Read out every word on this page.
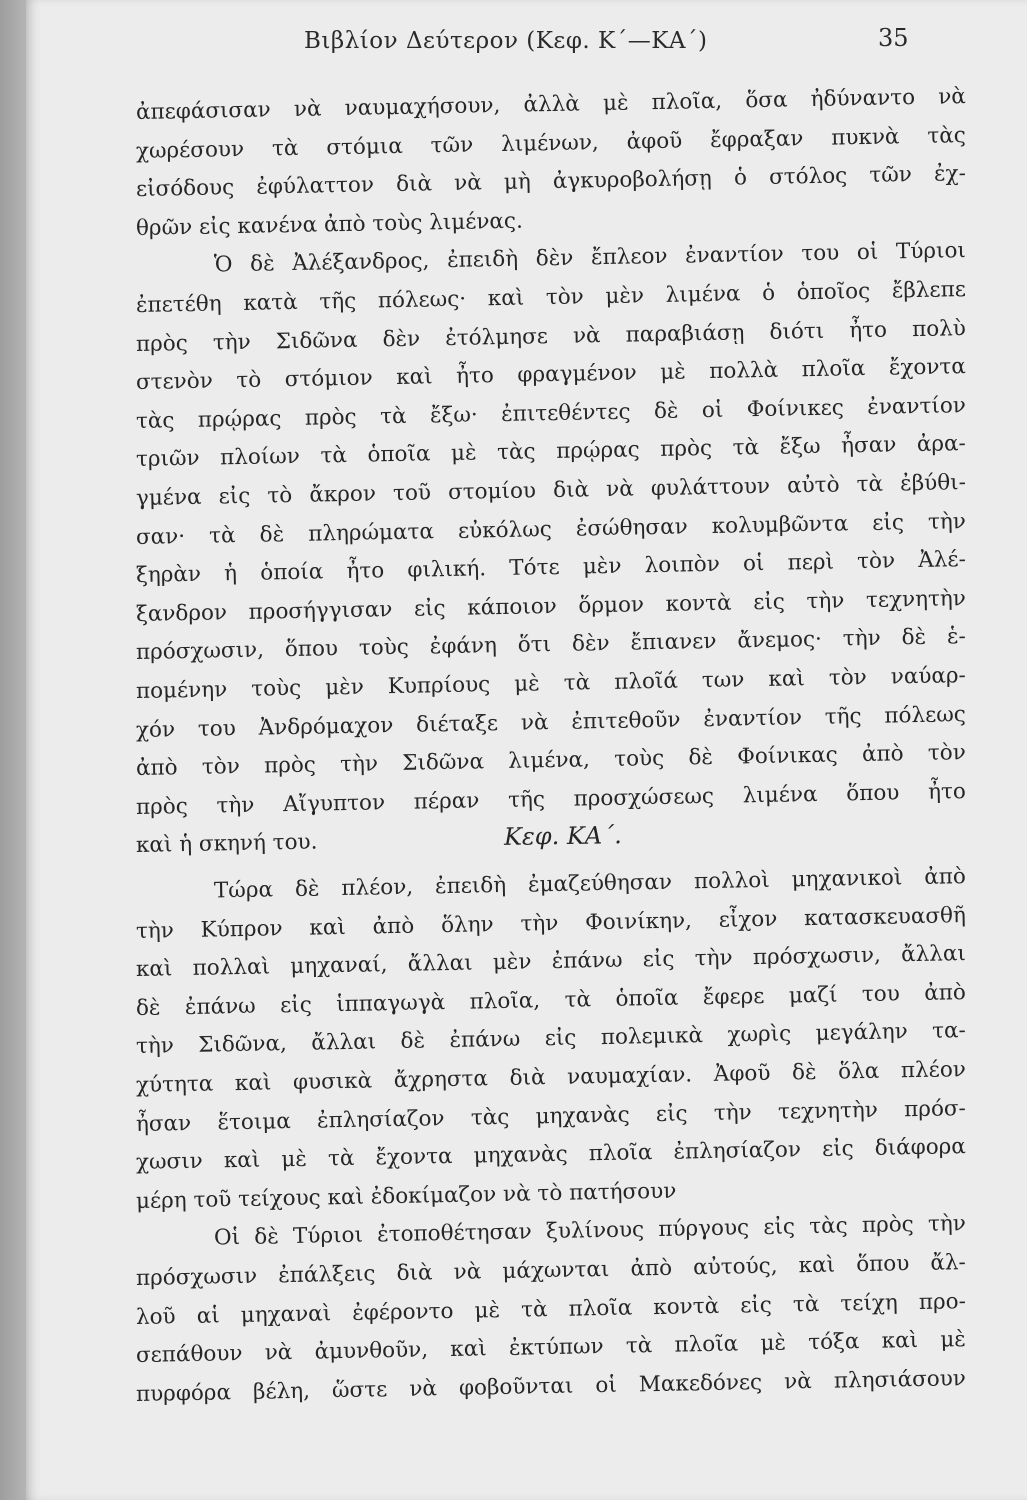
Βιβλίον Δεύτερον (Κεφ. Κ΄—ΚΑ΄)	35
ἀπεφάσισαν νὰ ναυμαχήσουν, ἀλλὰ μὲ πλοῖα, ὅσα ἠδύναντο νὰ
χωρέσουν τὰ στόμια τῶν λιμένων, ἀφοῦ ἔφραξαν πυκνὰ τὰς
εἰσόδους ἐφύλαττον διὰ νὰ μὴ ἀγκυροβολήσῃ ὁ στόλος τῶν ἐχ-
θρῶν εἰς κανένα ἀπὸ τοὺς λιμένας.
Ὁ δὲ Ἀλέξανδρος, ἐπειδὴ δὲν ἔπλεον ἐναντίον του οἱ Τύριοι
ἐπετέθη κατὰ τῆς πόλεως· καὶ τὸν μὲν λιμένα ὁ ὁποῖος ἔβλεπε
πρὸς τὴν Σιδῶνα δὲν ἐτόλμησε νὰ παραβιάσῃ διότι ἦτο πολὺ
στενὸν τὸ στόμιον καὶ ἦτο φραγμένον μὲ πολλὰ πλοῖα ἔχοντα
τὰς πρῴρας πρὸς τὰ ἔξω· ἐπιτεθέντες δὲ οἱ Φοίνικες ἐναντίον
τριῶν πλοίων τὰ ὁποῖα μὲ τὰς πρῴρας πρὸς τὰ ἔξω ἦσαν ἀρα-
γμένα εἰς τὸ ἄκρον τοῦ στομίου διὰ νὰ φυλάττουν αὐτὸ τὰ ἐβύθι-
σαν· τὰ δὲ πληρώματα εὐκόλως ἐσώθησαν κολυμβῶντα εἰς τὴν
ξηρὰν ἡ ὁποία ἦτο φιλική. Τότε μὲν λοιπὸν οἱ περὶ τὸν Ἀλέ-
ξανδρον προσήγγισαν εἰς κάποιον ὅρμον κοντὰ εἰς τὴν τεχνητὴν
πρόσχωσιν, ὅπου τοὺς ἐφάνη ὅτι δὲν ἔπιανεν ἄνεμος· τὴν δὲ ἑ-
πομένην τοὺς μὲν Κυπρίους μὲ τὰ πλοῖά των καὶ τὸν ναύαρ-
χόν του Ἀνδρόμαχον διέταξε νὰ ἐπιτεθοῦν ἐναντίον τῆς πόλεως
ἀπὸ τὸν πρὸς τὴν Σιδῶνα λιμένα, τοὺς δὲ Φοίνικας ἀπὸ τὸν
πρὸς τὴν Αἴγυπτον πέραν τῆς προσχώσεως λιμένα ὅπου ἦτο
καὶ ἡ σκηνή του.	Κεφ. ΚΑ΄.
Τώρα δὲ πλέον, ἐπειδὴ ἐμαζεύθησαν πολλοὶ μηχανικοὶ ἀπὸ
τὴν Κύπρον καὶ ἀπὸ ὅλην τὴν Φοινίκην, εἶχον κατασκευασθῆ
καὶ πολλαὶ μηχαναί, ἄλλαι μὲν ἐπάνω εἰς τὴν πρόσχωσιν, ἄλλαι
δὲ ἐπάνω εἰς ἱππαγωγὰ πλοῖα, τὰ ὁποῖα ἔφερε μαζί του ἀπὸ
τὴν Σιδῶνα, ἄλλαι δὲ ἐπάνω εἰς πολεμικὰ χωρὶς μεγάλην τα-
χύτητα καὶ φυσικὰ ἄχρηστα διὰ ναυμαχίαν. Ἀφοῦ δὲ ὅλα πλέον
ἦσαν ἕτοιμα ἐπλησίαζον τὰς μηχανὰς εἰς τὴν τεχνητὴν πρόσ-
χωσιν καὶ μὲ τὰ ἔχοντα μηχανὰς πλοῖα ἐπλησίαζον εἰς διάφορα
μέρη τοῦ τείχους καὶ ἐδοκίμαζον νὰ τὸ πατήσουν
Οἱ δὲ Τύριοι ἐτοποθέτησαν ξυλίνους πύργους εἰς τὰς πρὸς τὴν
πρόσχωσιν ἐπάλξεις διὰ νὰ μάχωνται ἀπὸ αὐτούς, καὶ ὅπου ἄλ-
λοῦ αἱ μηχαναὶ ἐφέροντο μὲ τὰ πλοῖα κοντὰ εἰς τὰ τείχη προ-
σεπάθουν νὰ ἀμυνθοῦν, καὶ ἐκτύπων τὰ πλοῖα μὲ τόξα καὶ μὲ
πυρφόρα βέλη, ὥστε νὰ φοβοῦνται οἱ Μακεδόνες νὰ πλησιάσουν
